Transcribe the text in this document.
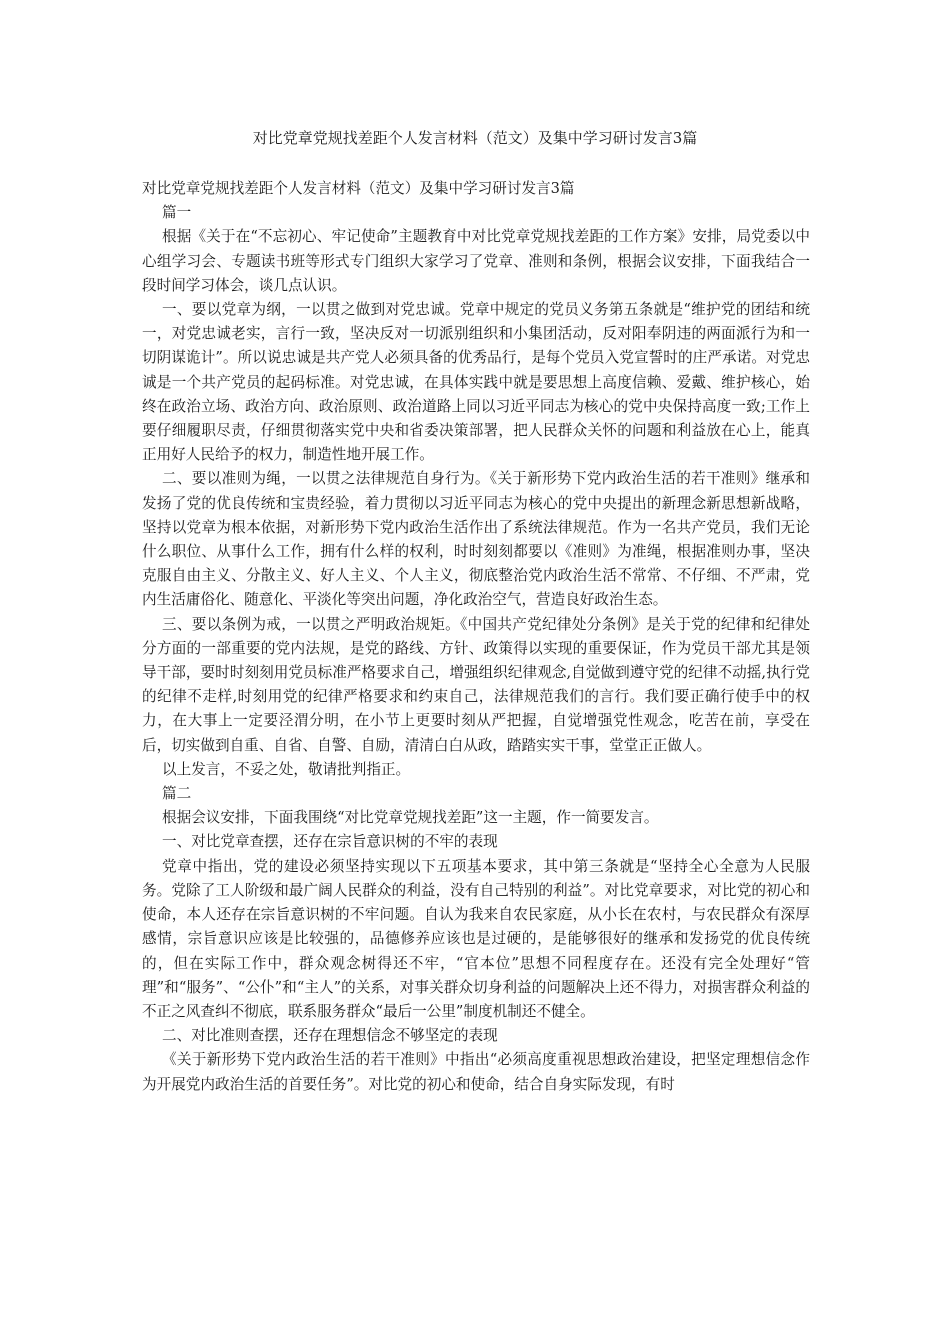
对比党章党规找差距个人发言材料（范文）及集中学习研讨发言3篇

对比党章党规找差距个人发言材料（范文）及集中学习研讨发言3篇

篇一

根据《关于在“不忘初心、牢记使命”主题教育中对比党章党规找差距的工作方案》安排，局党委以中心组学习会、专题读书班等形式专门组织大家学习了党章、准则和条例，根据会议安排，下面我结合一段时间学习体会，谈几点认识。

一、要以党章为纲，一以贯之做到对党忠诚。党章中规定的党员义务第五条就是“维护党的团结和统一，对党忠诚老实，言行一致，坚决反对一切派别组织和小集团活动，反对阳奉阴违的两面派行为和一切阴谋诡计”。所以说忠诚是共产党人必须具备的优秀品行，是每个党员入党宣誓时的庄严承诺。对党忠诚是一个共产党员的起码标准。对党忠诚，在具体实践中就是要思想上高度信赖、爱戴、维护核心，始终在政治立场、政治方向、政治原则、政治道路上同以习近平同志为核心的党中央保持高度一致;工作上要仔细履职尽责，仔细贯彻落实党中央和省委决策部署，把人民群众关怀的问题和利益放在心上，能真正用好人民给予的权力，制造性地开展工作。

二、要以准则为绳，一以贯之法律规范自身行为。《关于新形势下党内政治生活的若干准则》继承和发扬了党的优良传统和宝贵经验，着力贯彻以习近平同志为核心的党中央提出的新理念新思想新战略，坚持以党章为根本依据，对新形势下党内政治生活作出了系统法律规范。作为一名共产党员，我们无论什么职位、从事什么工作，拥有什么样的权利，时时刻刻都要以《准则》为准绳，根据准则办事，坚决克服自由主义、分散主义、好人主义、个人主义，彻底整治党内政治生活不常常、不仔细、不严肃，党内生活庸俗化、随意化、平淡化等突出问题，净化政治空气，营造良好政治生态。

三、要以条例为戒，一以贯之严明政治规矩。《中国共产党纪律处分条例》是关于党的纪律和纪律处分方面的一部重要的党内法规，是党的路线、方针、政策得以实现的重要保证，作为党员干部尤其是领导干部，要时时刻刻用党员标准严格要求自己，增强组织纪律观念,自觉做到遵守党的纪律不动摇,执行党的纪律不走样,时刻用党的纪律严格要求和约束自己，法律规范我们的言行。我们要正确行使手中的权力，在大事上一定要泾渭分明，在小节上更要时刻从严把握，自觉增强党性观念，吃苦在前，享受在后，切实做到自重、自省、自警、自励，清清白白从政，踏踏实实干事，堂堂正正做人。

以上发言，不妥之处，敬请批判指正。

篇二

根据会议安排，下面我围绕“对比党章党规找差距”这一主题，作一简要发言。

一、对比党章查摆，还存在宗旨意识树的不牢的表现

党章中指出，党的建设必须坚持实现以下五项基本要求，其中第三条就是“坚持全心全意为人民服务。党除了工人阶级和最广阔人民群众的利益，没有自己特别的利益”。对比党章要求，对比党的初心和使命，本人还存在宗旨意识树的不牢问题。自认为我来自农民家庭，从小长在农村，与农民群众有深厚感情，宗旨意识应该是比较强的，品德修养应该也是过硬的，是能够很好的继承和发扬党的优良传统的，但在实际工作中，群众观念树得还不牢，“官本位”思想不同程度存在。还没有完全处理好“管理”和“服务”、“公仆”和“主人”的关系，对事关群众切身利益的问题解决上还不得力，对损害群众利益的不正之风查纠不彻底，联系服务群众“最后一公里”制度机制还不健全。

二、对比准则查摆，还存在理想信念不够坚定的表现

《关于新形势下党内政治生活的若干准则》中指出“必须高度重视思想政治建设，把坚定理想信念作为开展党内政治生活的首要任务”。对比党的初心和使命，结合自身实际发现，有时
